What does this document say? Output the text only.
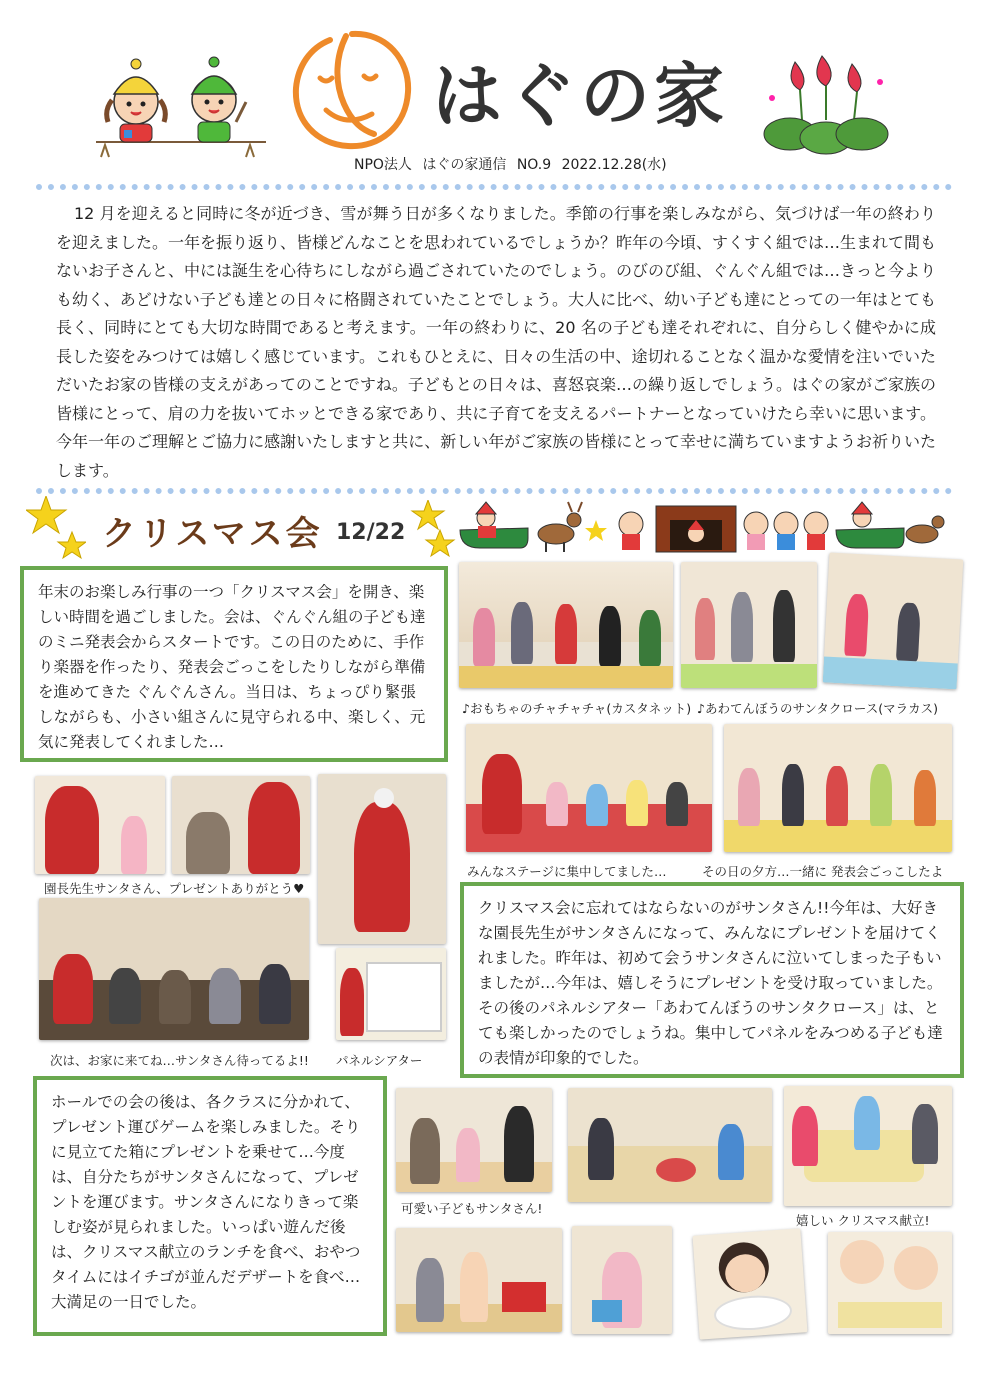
はぐの家
NPO法人 はぐの家通信 NO.9 2022.12.28(水)
12 月を迎えると同時に冬が近づき、雪が舞う日が多くなりました。季節の行事を楽しみながら、気づけば一年の終わりを迎えました。一年を振り返り、皆様どんなことを思われているでしょうか？昨年の今頃、すくすく組では…生まれて間もないお子さんと、中には誕生を心待ちにしながら過ごされていたのでしょう。のびのび組、ぐんぐん組では…きっと今よりも幼く、あどけない子ども達との日々に格闘されていたことでしょう。大人に比べ、幼い子ども達にとっての一年はとても長く、同時にとても大切な時間であると考えます。一年の終わりに、20 名の子ども達それぞれに、自分らしく健やかに成長した姿をみつけては嬉しく感じています。これもひとえに、日々の生活の中、途切れることなく温かな愛情を注いでいただいたお家の皆様の支えがあってのことですね。子どもとの日々は、喜怒哀楽…の繰り返しでしょう。はぐの家がご家族の皆様にとって、肩の力を抜いてホッとできる家であり、共に子育てを支えるパートナーとなっていけたら幸いに思います。今年一年のご理解とご協力に感謝いたしますと共に、新しい年がご家族の皆様にとって幸せに満ちていますようお祈りいたします。
クリスマス会 12/22
年末のお楽しみ行事の一つ「クリスマス会」を開き、楽しい時間を過ごしました。会は、ぐんぐん組の子ども達のミニ発表会からスタートです。この日のために、手作り楽器を作ったり、発表会ごっこをしたりしながら準備を進めてきた ぐんぐんさん。当日は、ちょっぴり緊張しながらも、小さい組さんに見守られる中、楽しく、元気に発表してくれました…
♪おもちゃのチャチャチャ(カスタネット) ♪あわてんぼうのサンタクロース(マラカス)
みんなステージに集中してました…	その日の夕方…一緒に 発表会ごっこしたよ
園長先生サンタさん、プレゼントありがとう♥
次は、お家に来てね…サンタさん待ってるよ!! パネルシアター
クリスマス会に忘れてはならないのがサンタさん!!今年は、大好きな園長先生がサンタさんになって、みんなにプレゼントを届けてくれました。昨年は、初めて会うサンタさんに泣いてしまった子もいましたが…今年は、嬉しそうにプレゼントを受け取っていました。その後のパネルシアター「あわてんぼうのサンタクロース」は、とても楽しかったのでしょうね。集中してパネルをみつめる子ども達の表情が印象的でした。
ホールでの会の後は、各クラスに分かれて、プレゼント運びゲームを楽しみました。そりに見立てた箱にプレゼントを乗せて…今度は、自分たちがサンタさんになって、プレゼントを運びます。サンタさんになりきって楽しむ姿が見られました。いっぱい遊んだ後は、クリスマス献立のランチを食べ、おやつタイムにはイチゴが並んだデザートを食べ…大満足の一日でした。
可愛い子どもサンタさん!
嬉しい クリスマス献立!
